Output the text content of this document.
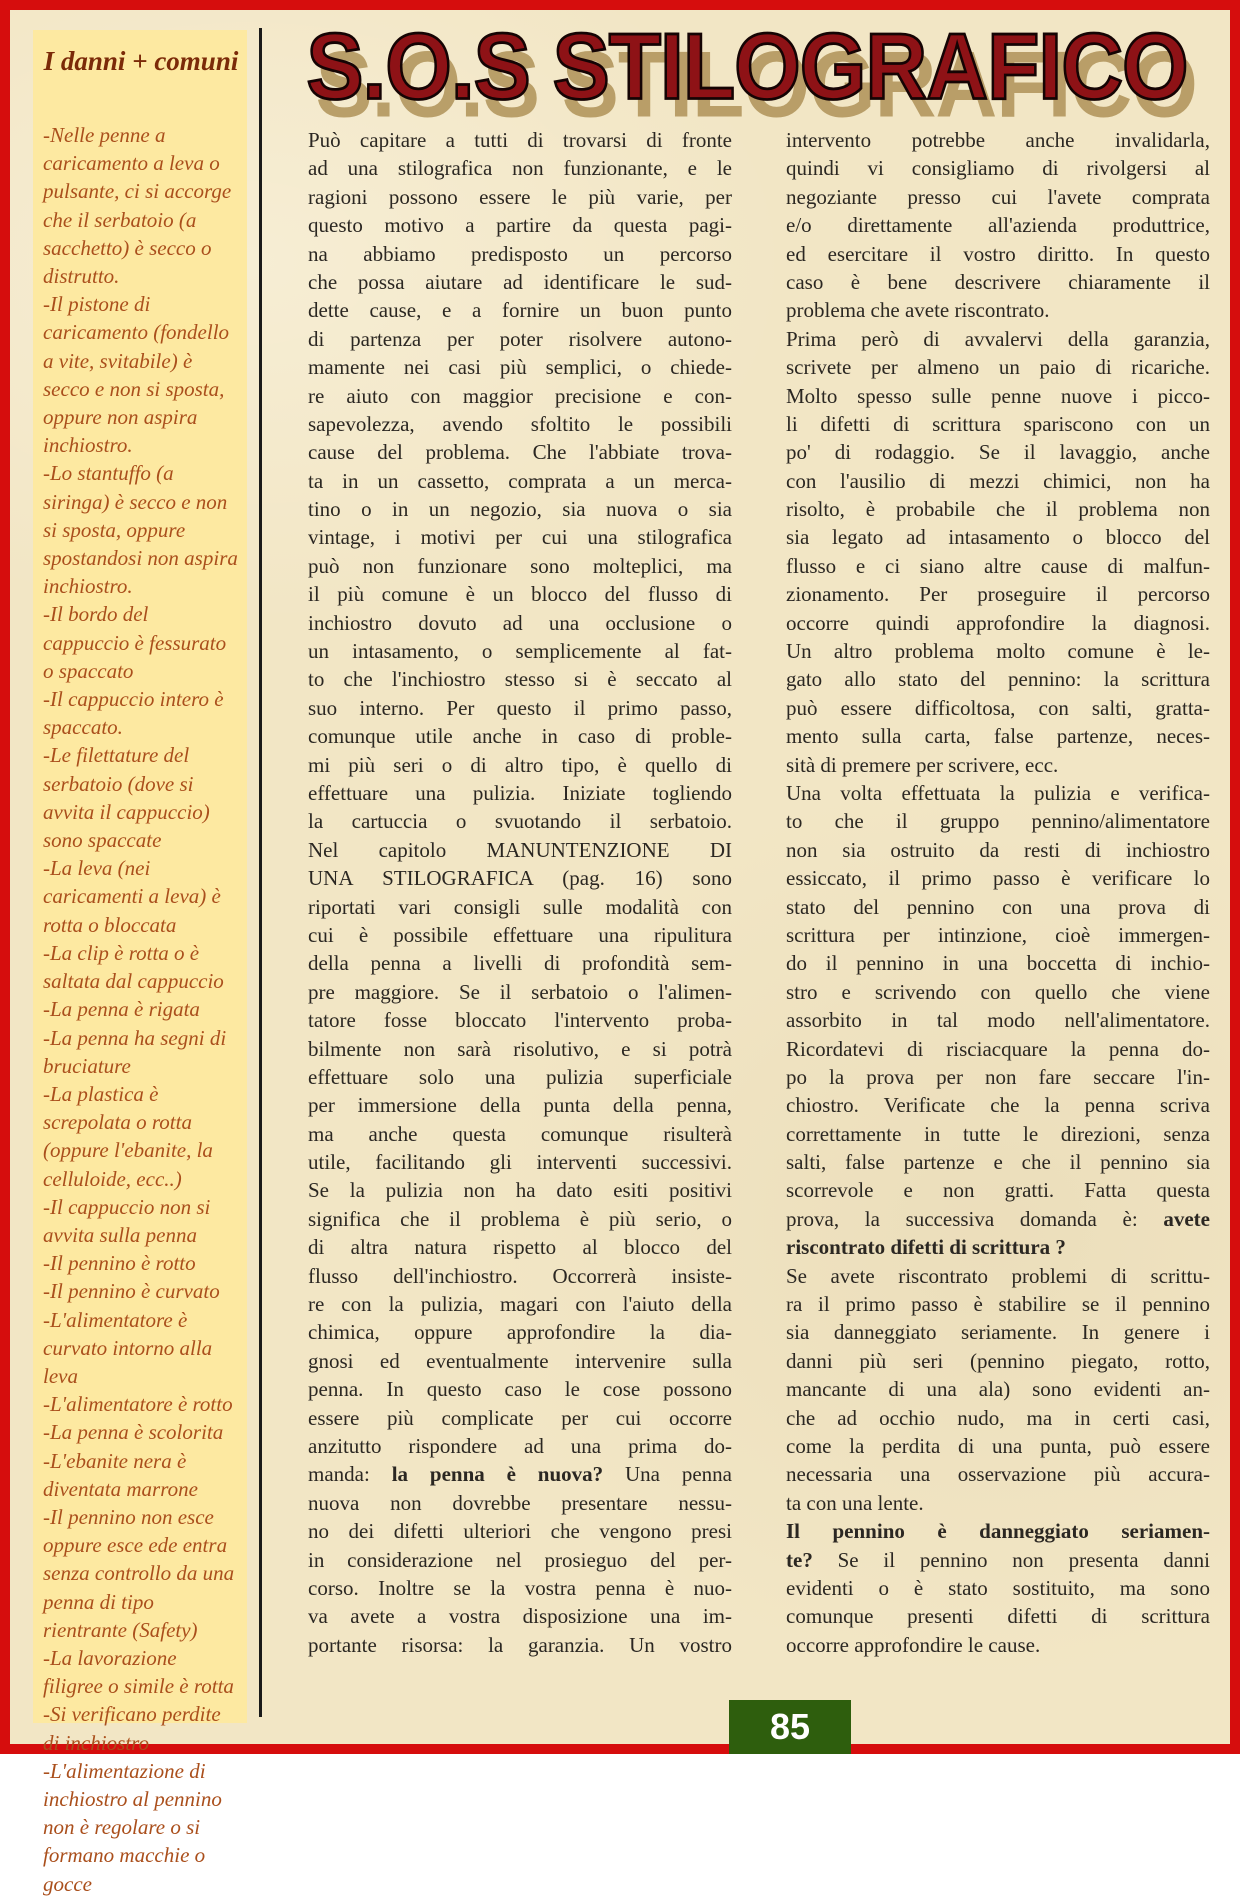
I danni + comuni
-Nelle penne a caricamento a leva o pulsante, ci si accorge che il serbatoio (a sacchetto) è secco o distrutto.
-Il pistone di caricamento (fondello a vite, svitabile) è secco e non si sposta, oppure non aspira inchiostro.
-Lo stantuffo (a siringa) è secco e non si sposta, oppure spostandosi non aspira inchiostro.
-Il bordo del cappuccio è fessurato o spaccato
-Il cappuccio intero è spaccato.
-Le filettature del serbatoio (dove si avvita il cappuccio) sono spaccate
-La leva (nei caricamenti a leva) è rotta o bloccata
-La clip è rotta o è saltata dal cappuccio
-La penna è rigata
-La penna ha segni di bruciature
-La plastica è screpolata o rotta (oppure l'ebanite, la celluloide, ecc..)
-Il cappuccio non si avvita sulla penna
-Il pennino è rotto
-Il pennino è curvato
-L'alimentatore è curvato intorno alla leva
-L'alimentatore è rotto
-La penna è scolorita
-L'ebanite nera è diventata marrone
-Il pennino non esce oppure esce ede entra senza controllo da una penna di tipo rientrante (Safety)
-La lavorazione filigree o simile è rotta
-Si verificano perdite di inchiostro
-L'alimentazione di inchiostro al pennino non è regolare o si formano macchie o gocce
S.O.S STILOGRAFICO
Può capitare a tutti di trovarsi di fronte
ad una stilografica non funzionante, e le
ragioni possono essere le più varie, per
questo motivo a partire da questa pagi-
na abbiamo predisposto un percorso
che possa aiutare ad identificare le sud-
dette cause, e a fornire un buon punto
di partenza per poter risolvere autono-
mamente nei casi più semplici, o chiede-
re aiuto con maggior precisione e con-
sapevolezza, avendo sfoltito le possibili
cause del problema. Che l'abbiate trova-
ta in un cassetto, comprata a un merca-
tino o in un negozio, sia nuova o sia
vintage, i motivi per cui una stilografica
può non funzionare sono molteplici, ma
il più comune è un blocco del flusso di
inchiostro dovuto ad una occlusione o
un intasamento, o semplicemente al fat-
to che l'inchiostro stesso si è seccato al
suo interno. Per questo il primo passo,
comunque utile anche in caso di proble-
mi più seri o di altro tipo, è quello di
effettuare una pulizia. Iniziate togliendo
la cartuccia o svuotando il serbatoio.
Nel capitolo MANUNTENZIONE DI
UNA STILOGRAFICA (pag. 16) sono
riportati vari consigli sulle modalità con
cui è possibile effettuare una ripulitura
della penna a livelli di profondità sem-
pre maggiore. Se il serbatoio o l'alimen-
tatore fosse bloccato l'intervento proba-
bilmente non sarà risolutivo, e si potrà
effettuare solo una pulizia superficiale
per immersione della punta della penna,
ma anche questa comunque risulterà
utile, facilitando gli interventi successivi.
Se la pulizia non ha dato esiti positivi
significa che il problema è più serio, o
di altra natura rispetto al blocco del
flusso dell'inchiostro. Occorrerà insiste-
re con la pulizia, magari con l'aiuto della
chimica, oppure approfondire la dia-
gnosi ed eventualmente intervenire sulla
penna. In questo caso le cose possono
essere più complicate per cui occorre
anzitutto rispondere ad una prima do-
manda: la penna è nuova? Una penna
nuova non dovrebbe presentare nessu-
no dei difetti ulteriori che vengono presi
in considerazione nel prosieguo del per-
corso. Inoltre se la vostra penna è nuo-
va avete a vostra disposizione una im-
portante risorsa: la garanzia. Un vostro
intervento potrebbe anche invalidarla,
quindi vi consigliamo di rivolgersi al
negoziante presso cui l'avete comprata
e/o direttamente all'azienda produttrice,
ed esercitare il vostro diritto. In questo
caso è bene descrivere chiaramente il
problema che avete riscontrato.
Prima però di avvalervi della garanzia,
scrivete per almeno un paio di ricariche.
Molto spesso sulle penne nuove i picco-
li difetti di scrittura spariscono con un
po' di rodaggio. Se il lavaggio, anche
con l'ausilio di mezzi chimici, non ha
risolto, è probabile che il problema non
sia legato ad intasamento o blocco del
flusso e ci siano altre cause di malfun-
zionamento. Per proseguire il percorso
occorre quindi approfondire la diagnosi.
Un altro problema molto comune è le-
gato allo stato del pennino: la scrittura
può essere difficoltosa, con salti, gratta-
mento sulla carta, false partenze, neces-
sità di premere per scrivere, ecc.
Una volta effettuata la pulizia e verifica-
to che il gruppo pennino/alimentatore
non sia ostruito da resti di inchiostro
essiccato, il primo passo è verificare lo
stato del pennino con una prova di
scrittura per intinzione, cioè immergen-
do il pennino in una boccetta di inchio-
stro e scrivendo con quello che viene
assorbito in tal modo nell'alimentatore.
Ricordatevi di risciacquare la penna do-
po la prova per non fare seccare l'in-
chiostro. Verificate che la penna scriva
correttamente in tutte le direzioni, senza
salti, false partenze e che il pennino sia
scorrevole e non gratti. Fatta questa
prova, la successiva domanda è: avete
riscontrato difetti di scrittura ?
Se avete riscontrato problemi di scrittu-
ra il primo passo è stabilire se il pennino
sia danneggiato seriamente. In genere i
danni più seri (pennino piegato, rotto,
mancante di una ala) sono evidenti an-
che ad occhio nudo, ma in certi casi,
come la perdita di una punta, può essere
necessaria una osservazione più accura-
ta con una lente.
Il pennino è danneggiato seriamen-
te? Se il pennino non presenta danni
evidenti o è stato sostituito, ma sono
comunque presenti difetti di scrittura
occorre approfondire le cause.
85
